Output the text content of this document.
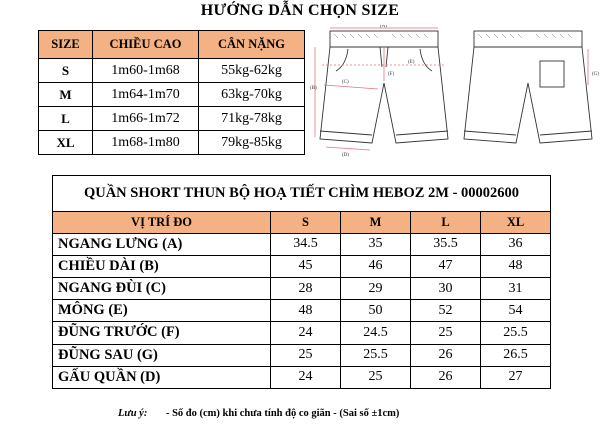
HƯỚNG DẪN CHỌN SIZE
SIZE	CHIỀU CAO	CÂN NẶNG
S	1m60-1m68	55kg-62kg
M	1m64-1m70	63kg-70kg
L	1m66-1m72	71kg-78kg
XL	1m68-1m80	79kg-85kg
(B)
(C)
(D)
(E)
(F)	(G)
(A)
QUẦN SHORT THUN BỘ HOẠ TIẾT CHÌM HEBOZ 2M - 00002600				
VỊ TRÍ ĐO	S	M	L	XL
NGANG LƯNG (A)	34.5	35	35.5	36
CHIỀU DÀI (B)	45	46	47	48
NGANG ĐÙI (C)	28	29	30	31
MÔNG (E)	48	50	52	54
ĐŨNG TRƯỚC (F)	24	24.5	25	25.5
ĐŨNG SAU (G)	25	25.5	26	26.5
GẤU QUẦN (D)	24	25	26	27
Lưu ý: - Số đo (cm) khi chưa tính độ co giãn - (Sai số ±1cm)
